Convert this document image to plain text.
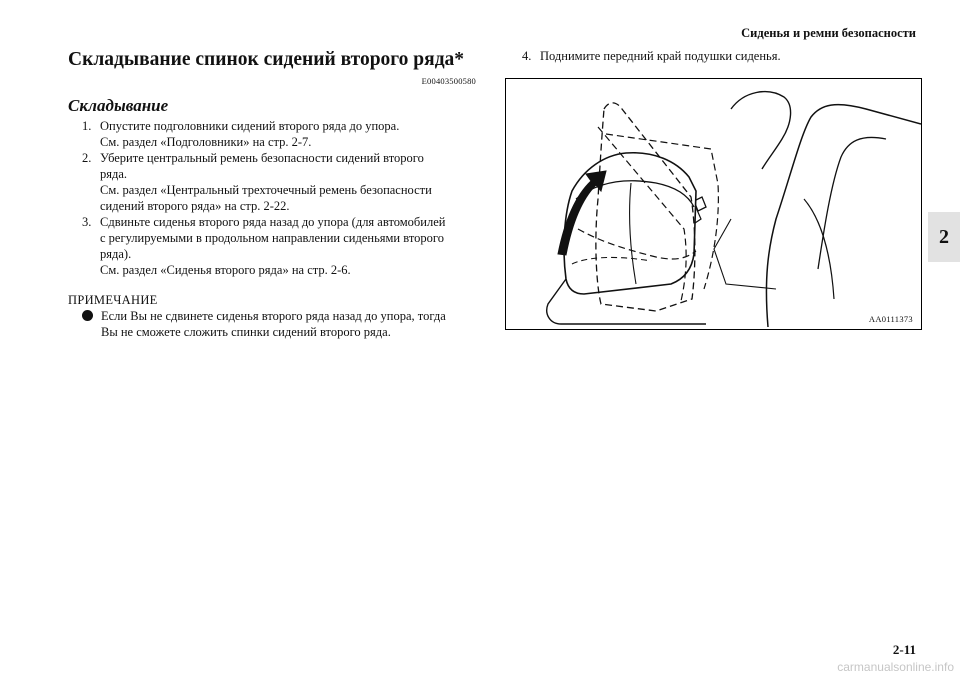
Сиденья и ремни безопасности
2
Складывание спинок сидений второго ряда*
E00403500580
Складывание
1. Опустите подголовники сидений второго ряда до упора.
См. раздел «Подголовники» на стр. 2-7.
2. Уберите центральный ремень безопасности сидений второго
ряда.
См. раздел «Центральный трехточечный ремень безопасности
сидений второго ряда» на стр. 2-22.
3. Сдвиньте сиденья второго ряда назад до упора (для автомобилей
с регулируемыми в продольном направлении сиденьями второго
ряда).
См. раздел «Сиденья второго ряда» на стр. 2-6.
ПРИМЕЧАНИЕ
Если Вы не сдвинете сиденья второго ряда назад до упора, тогда
Вы не сможете сложить спинки сидений второго ряда.
4. Поднимите передний край подушки сиденья.
AA0111373
2-11
carmanualsonline.info
